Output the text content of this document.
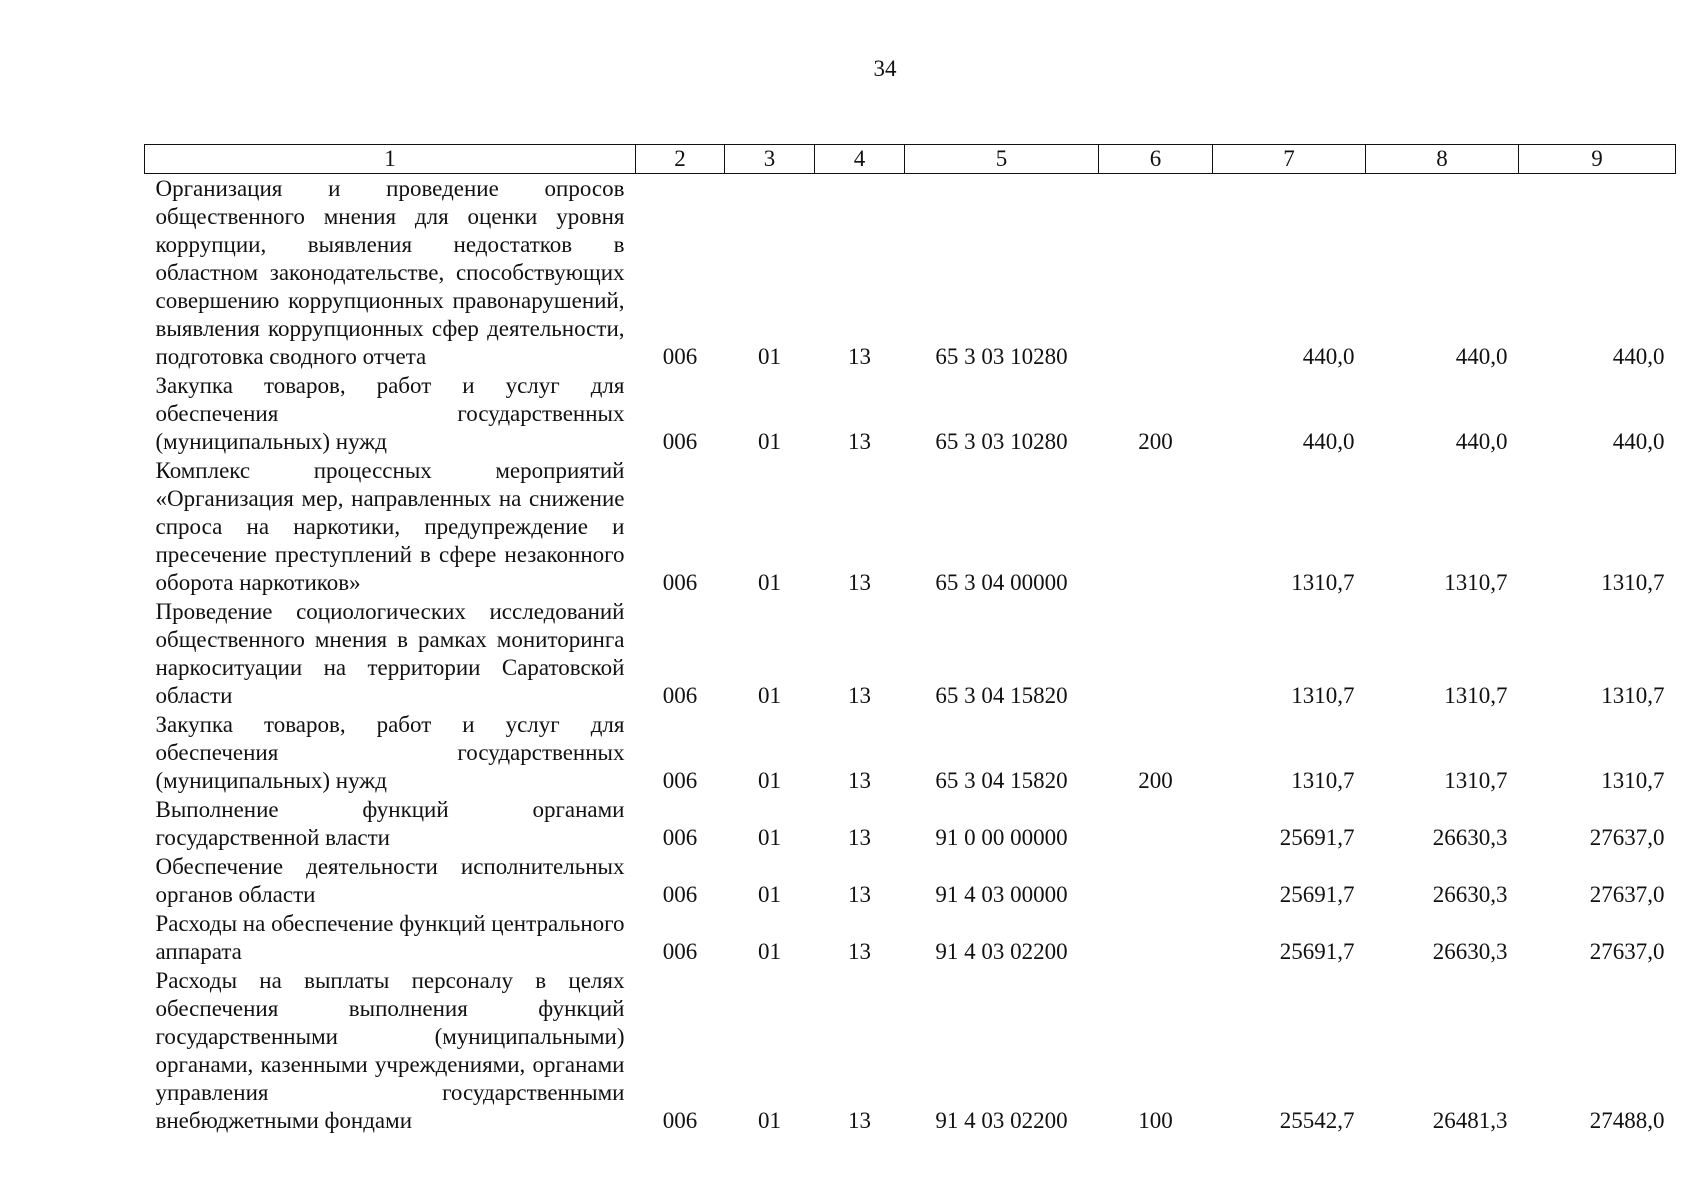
34
1	2	3	4	5	6	7	8	9
Организация и проведение опросов общественного мнения для оценки уровня коррупции, выявления недостатков в областном законодательстве, способствующих совершению коррупционных правонарушений, выявления коррупционных сфер деятельности, подготовка сводного отчета	006	01	13	65 3 03 10280		440,0	440,0	440,0
Закупка товаров, работ и услуг для обеспечения государственных (муниципальных) нужд	006	01	13	65 3 03 10280	200	440,0	440,0	440,0
Комплекс процессных мероприятий «Организация мер, направленных на снижение спроса на наркотики, предупреждение и пресечение преступлений в сфере незаконного оборота наркотиков»	006	01	13	65 3 04 00000		1310,7	1310,7	1310,7
Проведение социологических исследований общественного мнения в рамках мониторинга наркоситуации на территории Саратовской области	006	01	13	65 3 04 15820		1310,7	1310,7	1310,7
Закупка товаров, работ и услуг для обеспечения государственных (муниципальных) нужд	006	01	13	65 3 04 15820	200	1310,7	1310,7	1310,7
Выполнение функций органами государственной власти	006	01	13	91 0 00 00000		25691,7	26630,3	27637,0
Обеспечение деятельности исполнительных органов области	006	01	13	91 4 03 00000		25691,7	26630,3	27637,0
Расходы на обеспечение функций центрального аппарата	006	01	13	91 4 03 02200		25691,7	26630,3	27637,0
Расходы на выплаты персоналу в целях обеспечения выполнения функций государственными (муниципальными) органами, казенными учреждениями, органами управления государственными внебюджетными фондами	006	01	13	91 4 03 02200	100	25542,7	26481,3	27488,0
